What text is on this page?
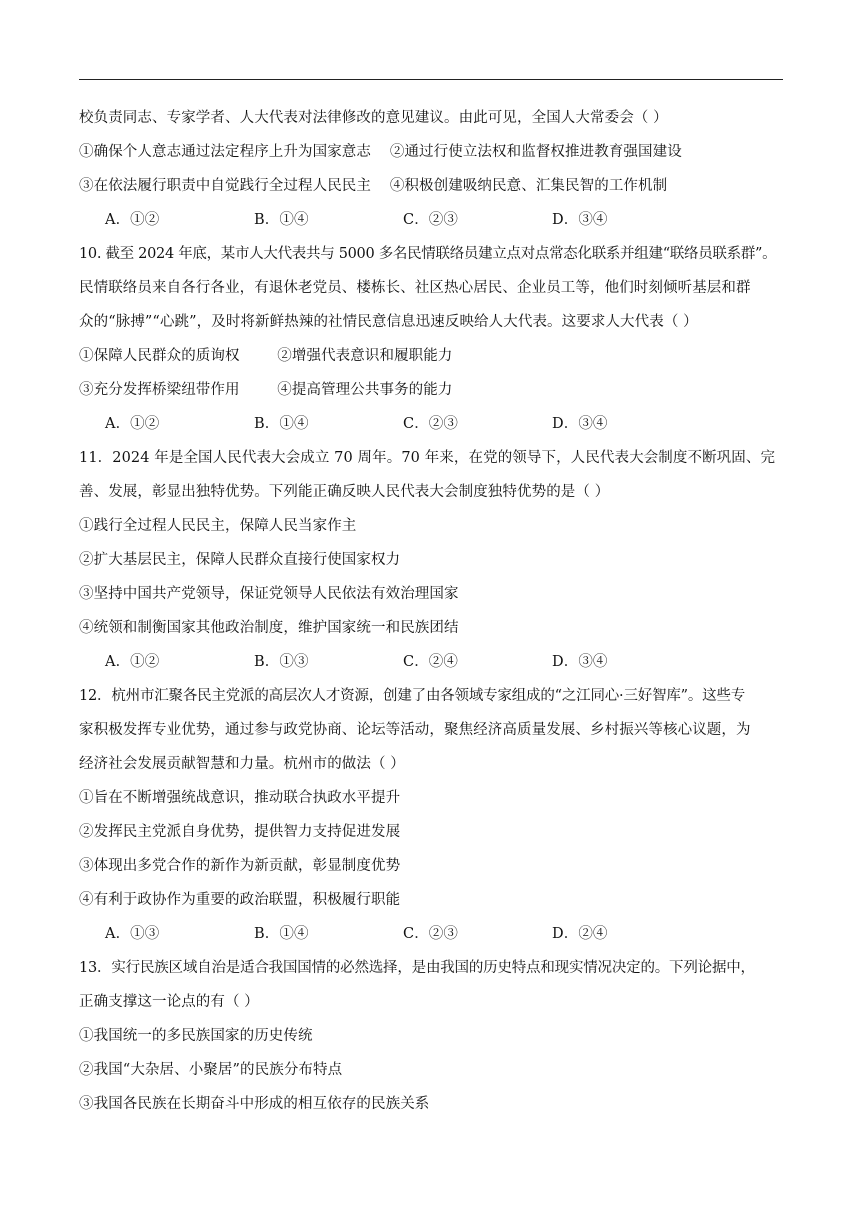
校负责同志、专家学者、人大代表对法律修改的意见建议。由此可见，全国人大常委会（ ）
①确保个人意志通过法定程序上升为国家意志    ②通过行使立法权和监督权推进教育强国建设
③在依法履行职责中自觉践行全过程人民民主    ④积极创建吸纳民意、汇集民智的工作机制
A．①②	B．①④	C．②③	D．③④
10. 截至 2024 年底，某市人大代表共与 5000 多名民情联络员建立点对点常态化联系并组建“联络员联系群”。
民情联络员来自各行各业，有退休老党员、楼栋长、社区热心居民、企业员工等，他们时刻倾听基层和群
众的“脉搏”“心跳”，及时将新鲜热辣的社情民意信息迅速反映给人大代表。这要求人大代表（ ）
①保障人民群众的质询权        ②增强代表意识和履职能力
③充分发挥桥梁纽带作用        ④提高管理公共事务的能力
A．①②	B．①④	C．②③	D．③④
11．2024 年是全国人民代表大会成立 70 周年。70 年来，在党的领导下，人民代表大会制度不断巩固、完
善、发展，彰显出独特优势。下列能正确反映人民代表大会制度独特优势的是（ ）
①践行全过程人民民主，保障人民当家作主
②扩大基层民主，保障人民群众直接行使国家权力
③坚持中国共产党领导，保证党领导人民依法有效治理国家
④统领和制衡国家其他政治制度，维护国家统一和民族团结
A．①②	B．①③	C．②④	D．③④
12．杭州市汇聚各民主党派的高层次人才资源，创建了由各领域专家组成的“之江同心·三好智库”。这些专
家积极发挥专业优势，通过参与政党协商、论坛等活动，聚焦经济高质量发展、乡村振兴等核心议题，为
经济社会发展贡献智慧和力量。杭州市的做法（ ）
①旨在不断增强统战意识，推动联合执政水平提升
②发挥民主党派自身优势，提供智力支持促进发展
③体现出多党合作的新作为新贡献，彰显制度优势
④有利于政协作为重要的政治联盟，积极履行职能
A．①③	B．①④	C．②③	D．②④
13．实行民族区域自治是适合我国国情的必然选择，是由我国的历史特点和现实情况决定的。下列论据中，
正确支撑这一论点的有（ ）
①我国统一的多民族国家的历史传统
②我国“大杂居、小聚居”的民族分布特点
③我国各民族在长期奋斗中形成的相互依存的民族关系
